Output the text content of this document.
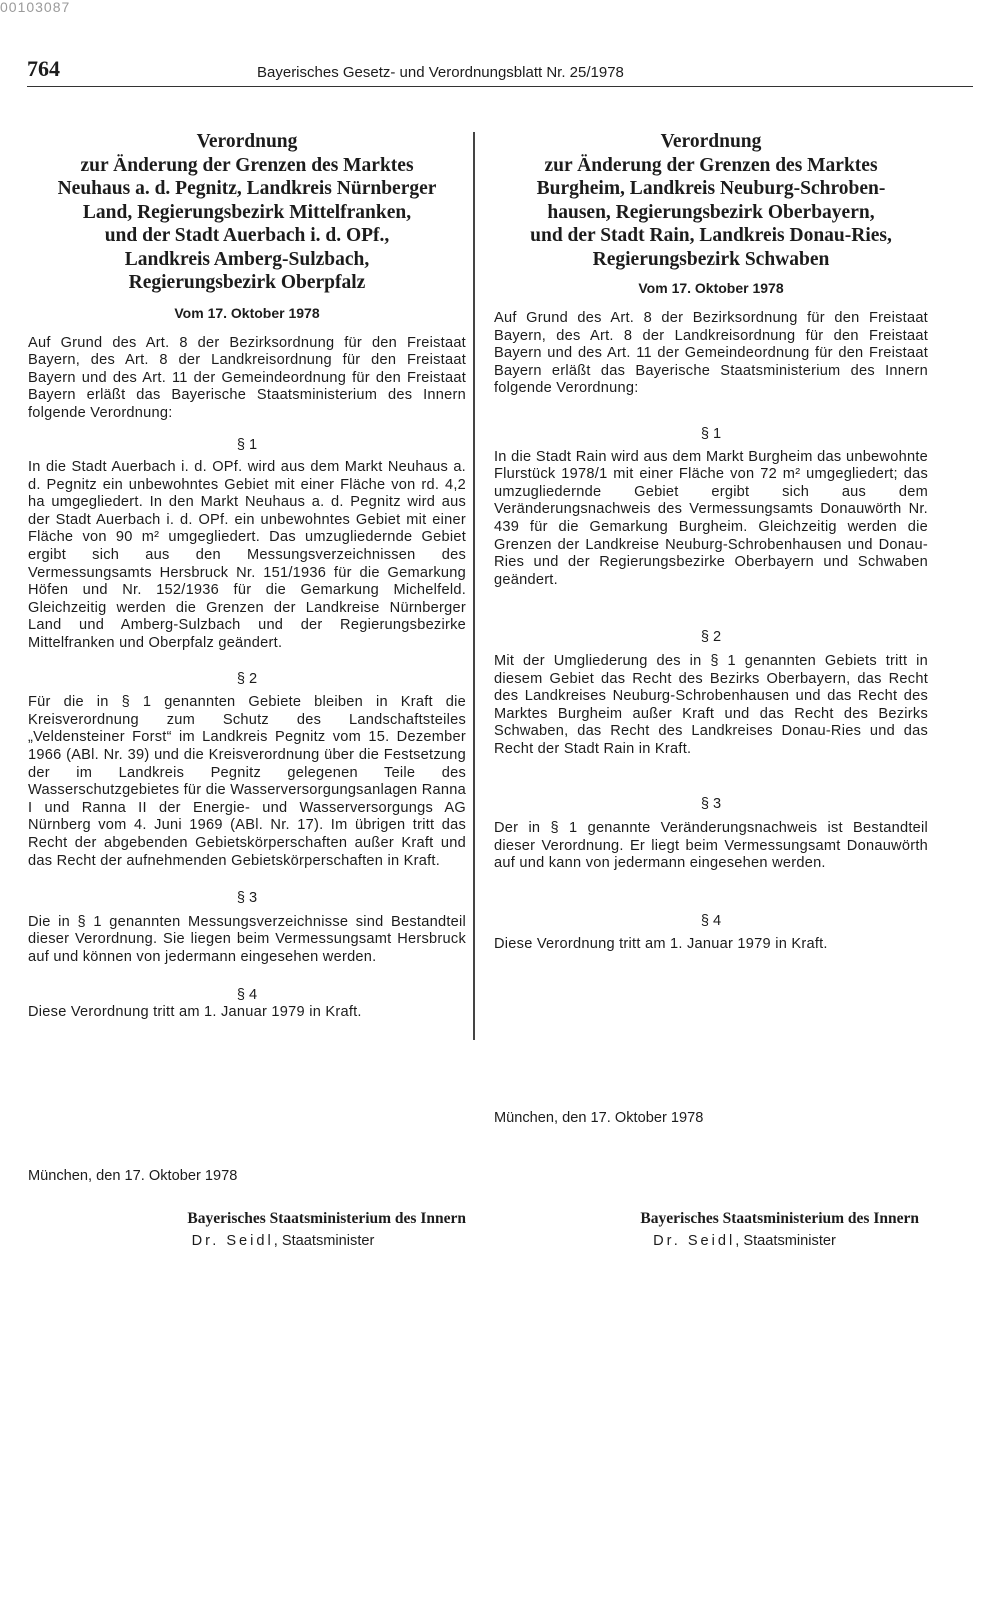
00103087
764	Bayerisches Gesetz- und Verordnungsblatt Nr. 25/1978
Verordnung
zur Änderung der Grenzen des Marktes
Neuhaus a. d. Pegnitz, Landkreis Nürnberger
Land, Regierungsbezirk Mittelfranken,
und der Stadt Auerbach i. d. OPf.,
Landkreis Amberg-Sulzbach,
Regierungsbezirk Oberpfalz
Vom 17. Oktober 1978

Auf Grund des Art. 8 der Bezirksordnung für den Freistaat Bayern, des Art. 8 der Landkreisordnung für den Freistaat Bayern und des Art. 11 der Gemeindeordnung für den Freistaat Bayern erläßt das Bayerische Staatsministerium des Innern folgende Verordnung:

§ 1

In die Stadt Auerbach i. d. OPf. wird aus dem Markt Neuhaus a. d. Pegnitz ein unbewohntes Gebiet mit einer Fläche von rd. 4,2 ha umgegliedert. In den Markt Neuhaus a. d. Pegnitz wird aus der Stadt Auerbach i. d. OPf. ein unbewohntes Gebiet mit einer Fläche von 90 m² umgegliedert. Das umzugliedernde Gebiet ergibt sich aus den Messungsverzeichnissen des Vermessungsamts Hersbruck Nr. 151/1936 für die Gemarkung Höfen und Nr. 152/1936 für die Gemarkung Michelfeld. Gleichzeitig werden die Grenzen der Landkreise Nürnberger Land und Amberg-Sulzbach und der Regierungsbezirke Mittelfranken und Oberpfalz geändert.

§ 2

Für die in § 1 genannten Gebiete bleiben in Kraft die Kreisverordnung zum Schutz des Landschaftsteiles „Veldensteiner Forst“ im Landkreis Pegnitz vom 15. Dezember 1966 (ABl. Nr. 39) und die Kreisverordnung über die Festsetzung der im Landkreis Pegnitz gelegenen Teile des Wasserschutzgebietes für die Wasserversorgungsanlagen Ranna I und Ranna II der Energie- und Wasserversorgungs AG Nürnberg vom 4. Juni 1969 (ABl. Nr. 17). Im übrigen tritt das Recht der abgebenden Gebietskörperschaften außer Kraft und das Recht der aufnehmenden Gebietskörperschaften in Kraft.

§ 3

Die in § 1 genannten Messungsverzeichnisse sind Bestandteil dieser Verordnung. Sie liegen beim Vermessungsamt Hersbruck auf und können von jedermann eingesehen werden.

§ 4

Diese Verordnung tritt am 1. Januar 1979 in Kraft.

Verordnung
zur Änderung der Grenzen des Marktes
Burgheim, Landkreis Neuburg-Schroben-
hausen, Regierungsbezirk Oberbayern,
und der Stadt Rain, Landkreis Donau-Ries,
Regierungsbezirk Schwaben
Vom 17. Oktober 1978

Auf Grund des Art. 8 der Bezirksordnung für den Freistaat Bayern, des Art. 8 der Landkreisordnung für den Freistaat Bayern und des Art. 11 der Gemeindeordnung für den Freistaat Bayern erläßt das Bayerische Staatsministerium des Innern folgende Verordnung:

§ 1

In die Stadt Rain wird aus dem Markt Burgheim das unbewohnte Flurstück 1978/1 mit einer Fläche von 72 m² umgegliedert; das umzugliedernde Gebiet ergibt sich aus dem Veränderungsnachweis des Vermessungsamts Donauwörth Nr. 439 für die Gemarkung Burgheim. Gleichzeitig werden die Grenzen der Landkreise Neuburg-Schrobenhausen und Donau-Ries und der Regierungsbezirke Oberbayern und Schwaben geändert.

§ 2

Mit der Umgliederung des in § 1 genannten Gebiets tritt in diesem Gebiet das Recht des Bezirks Oberbayern, das Recht des Landkreises Neuburg-Schrobenhausen und das Recht des Marktes Burgheim außer Kraft und das Recht des Bezirks Schwaben, das Recht des Landkreises Donau-Ries und das Recht der Stadt Rain in Kraft.

§ 3

Der in § 1 genannte Veränderungsnachweis ist Bestandteil dieser Verordnung. Er liegt beim Vermessungsamt Donauwörth auf und kann von jedermann eingesehen werden.

§ 4

Diese Verordnung tritt am 1. Januar 1979 in Kraft.

München, den 17. Oktober 1978
Bayerisches Staatsministerium des Innern
Dr. Seidl, Staatsminister
München, den 17. Oktober 1978
Bayerisches Staatsministerium des Innern
Dr. Seidl, Staatsminister
